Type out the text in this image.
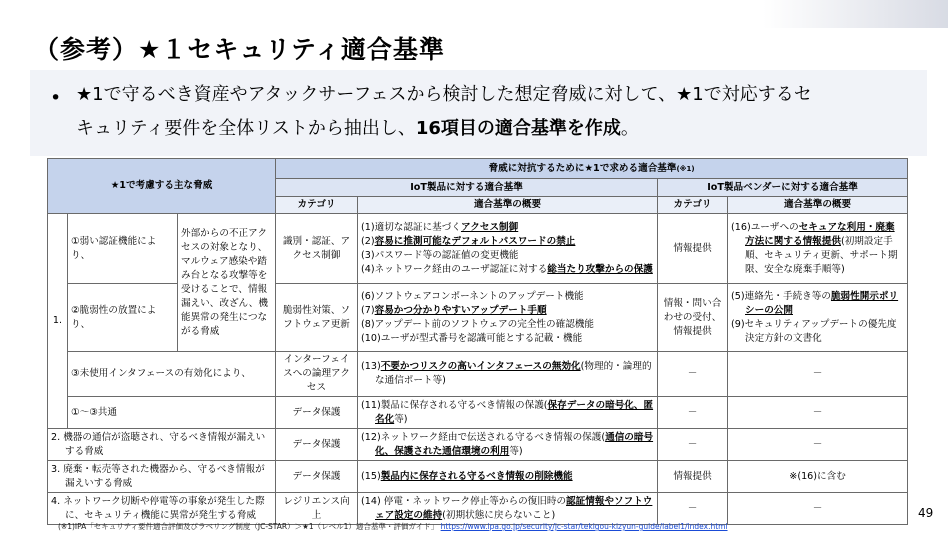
（参考）★１セキュリティ適合基準
• ★1で守るべき資産やアタックサーフェスから検討した想定脅威に対して、★1で対応するセ
キュリティ要件を全体リストから抽出し、16項目の適合基準を作成。
★1で考慮する主な脅威			脅威に対抗するために★1で求める適合基準(※1)			
			IoT製品に対する適合基準		IoT製品ベンダーに対する適合基準	
			カテゴリ	適合基準の概要	カテゴリ	適合基準の概要
1.	①弱い認証機能により、	外部からの不正アクセスの対象となり、マルウェア感染や踏み台となる攻撃等を受けることで、情報漏えい、改ざん、機能異常の発生につながる脅威	識別・認証、アクセス制御	(1)適切な認証に基づくアクセス制御
(2)容易に推測可能なデフォルトパスワードの禁止
(3)パスワード等の認証値の変更機能
(4)ネットワーク経由のユーザ認証に対する総当たり攻撃からの保護	情報提供	(16)ユーザへのセキュアな利用・廃棄方法に関する情報提供(初期設定手順、セキュリティ更新、サポート期限、安全な廃棄手順等)

	②脆弱性の放置により、		脆弱性対策、ソフトウェア更新	(6)ソフトウェアコンポーネントのアップデート機能
(7)容易かつ分かりやすいアップデート手順
(8)アップデート前のソフトウェアの完全性の確認機能
(10)ユーザが型式番号を認識可能とする記載・機能	情報・問い合わせの受付、情報提供	(5)連絡先・手続き等の脆弱性開示ポリシーの公開
(9)セキュリティアップデートの優先度決定方針の文書化

	③未使用インタフェースの有効化により、		インターフェイスへの論理アクセス	(13)不要かつリスクの高いインタフェースの無効化(物理的・論理的な通信ポート等)	－	－
	①～③共通		データ保護	(11)製品に保存される守るべき情報の保護(保存データの暗号化、匿名化等)	－	－

2. 機器の通信が盗聴され、守るべき情報が漏えいする脅威			データ保護	(12)ネットワーク経由で伝送される守るべき情報の保護(通信の暗号化、保護された通信環境の利用等)	－	－

3. 廃棄・転売等された機器から、守るべき情報が漏えいする脅威			データ保護	(15)製品内に保存される守るべき情報の削除機能	情報提供	※(16)に含む

4. ネットワーク切断や停電等の事象が発生した際に、セキュリティ機能に異常が発生する脅威			レジリエンス向上	(14) 停電・ネットワーク停止等からの復旧時の認証情報やソフトウェア設定の維持(初期状態に戻らないこと)	－	－
(※1)IPA「セキュリティ要件適合評価及びラベリング制度（JC-STAR）＞★1（レベル1）適合基準・評価ガイド」 https://www.ipa.go.jp/security/jc-star/tekigou-kizyun-guide/label1/index.html
49
